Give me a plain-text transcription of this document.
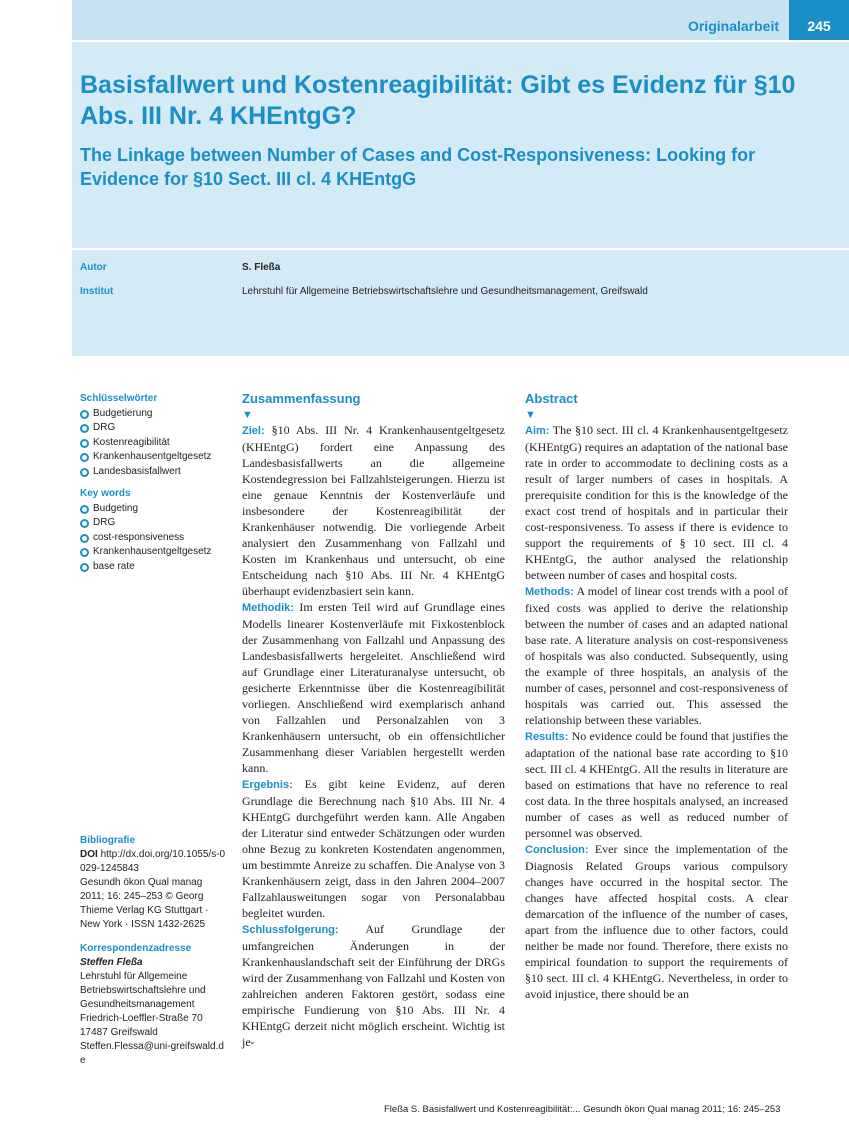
Originalarbeit	245
Basisfallwert und Kostenreagibilität: Gibt es Evidenz für §10 Abs. III Nr. 4 KHEntgG?
The Linkage between Number of Cases and Cost-Responsiveness: Looking for Evidence for §10 Sect. III cl. 4 KHEntgG
Autor	S. Fleßa
Institut	Lehrstuhl für Allgemeine Betriebswirtschaftslehre und Gesundheitsmanagement, Greifswald
Schlüsselwörter
Budgetierung
DRG
Kostenreagibilität
Krankenhausentgeltgesetz
Landesbasisfallwert
Key words
Budgeting
DRG
cost-responsiveness
Krankenhausentgeltgesetz
base rate
Bibliografie
DOI http://dx.doi.org/10.1055/s-0029-1245843
Gesundh ökon Qual manag 2011; 16: 245–253 © Georg Thieme Verlag KG Stuttgart · New York · ISSN 1432-2625
Korrespondenzadresse
Steffen Fleßa
Lehrstuhl für Allgemeine Betriebswirtschaftslehre und Gesundheitsmanagement
Friedrich-Loeffler-Straße 70
17487 Greifswald
Steffen.Flessa@uni-greifswald.de
Zusammenfassung
▼

Ziel: §10 Abs. III Nr. 4 Krankenhausentgeltgesetz (KHEntgG) fordert eine Anpassung des Landesbasisfallwerts an die allgemeine Kostendegression bei Fallzahlsteigerungen. Hierzu ist eine genaue Kenntnis der Kostenverläufe und insbesondere der Kostenreagibilität der Krankenhäuser notwendig. Die vorliegende Arbeit analysiert den Zusammenhang von Fallzahl und Kosten im Krankenhaus und untersucht, ob eine Entscheidung nach §10 Abs. III Nr. 4 KHEntgG überhaupt evidenzbasiert sein kann.

Methodik: Im ersten Teil wird auf Grundlage eines Modells linearer Kostenverläufe mit Fixkostenblock der Zusammenhang von Fallzahl und Anpassung des Landesbasisfallwerts hergeleitet. Anschließend wird auf Grundlage einer Literaturanalyse untersucht, ob gesicherte Erkenntnisse über die Kostenreagibilität vorliegen. Anschließend wird exemplarisch anhand von Fallzahlen und Personalzahlen von 3 Krankenhäusern untersucht, ob ein offensichtlicher Zusammenhang dieser Variablen hergestellt werden kann.

Ergebnis: Es gibt keine Evidenz, auf deren Grundlage die Berechnung nach §10 Abs. III Nr. 4 KHEntgG durchgeführt werden kann. Alle Angaben der Literatur sind entweder Schätzungen oder wurden ohne Bezug zu konkreten Kostendaten angenommen, um bestimmte Anreize zu schaffen. Die Analyse von 3 Krankenhäusern zeigt, dass in den Jahren 2004–2007 Fallzahlausweitungen sogar von Personalabbau begleitet wurden.

Schlussfolgerung: Auf Grundlage der umfangreichen Änderungen in der Krankenhauslandschaft seit der Einführung der DRGs wird der Zusammenhang von Fallzahl und Kosten von zahlreichen anderen Faktoren gestört, sodass eine empirische Fundierung von §10 Abs. III Nr. 4 KHEntgG derzeit nicht möglich erscheint. Wichtig ist je-

Abstract
▼

Aim: The §10 sect. III cl. 4 Krankenhausentgeltgesetz (KHEntgG) requires an adaptation of the national base rate in order to accommodate to declining costs as a result of larger numbers of cases in hospitals. A prerequisite condition for this is the knowledge of the exact cost trend of hospitals and in particular their cost-responsiveness. To assess if there is evidence to support the requirements of § 10 sect. III cl. 4 KHEntgG, the author analysed the relationship between number of cases and hospital costs.

Methods: A model of linear cost trends with a pool of fixed costs was applied to derive the relationship between the number of cases and an adapted national base rate. A literature analysis on cost-responsiveness of hospitals was also conducted. Subsequently, using the example of three hospitals, an analysis of the number of cases, personnel and cost-responsiveness of hospitals was carried out. This assessed the relationship between these variables.

Results: No evidence could be found that justifies the adaptation of the national base rate according to §10 sect. III cl. 4 KHEntgG. All the results in literature are based on estimations that have no reference to real cost data. In the three hospitals analysed, an increased number of cases as well as reduced number of personnel was observed.

Conclusion: Ever since the implementation of the Diagnosis Related Groups various compulsory changes have occurred in the hospital sector. The changes have affected hospital costs. A clear demarcation of the influence of the number of cases, apart from the influence due to other factors, could neither be made nor found. Therefore, there exists no empirical foundation to support the requirements of §10 sect. III cl. 4 KHEntgG. Nevertheless, in order to avoid injustice, there should be an

Fleßa S. Basisfallwert und Kostenreagibilität:... Gesundh ökon Qual manag 2011; 16: 245–253
